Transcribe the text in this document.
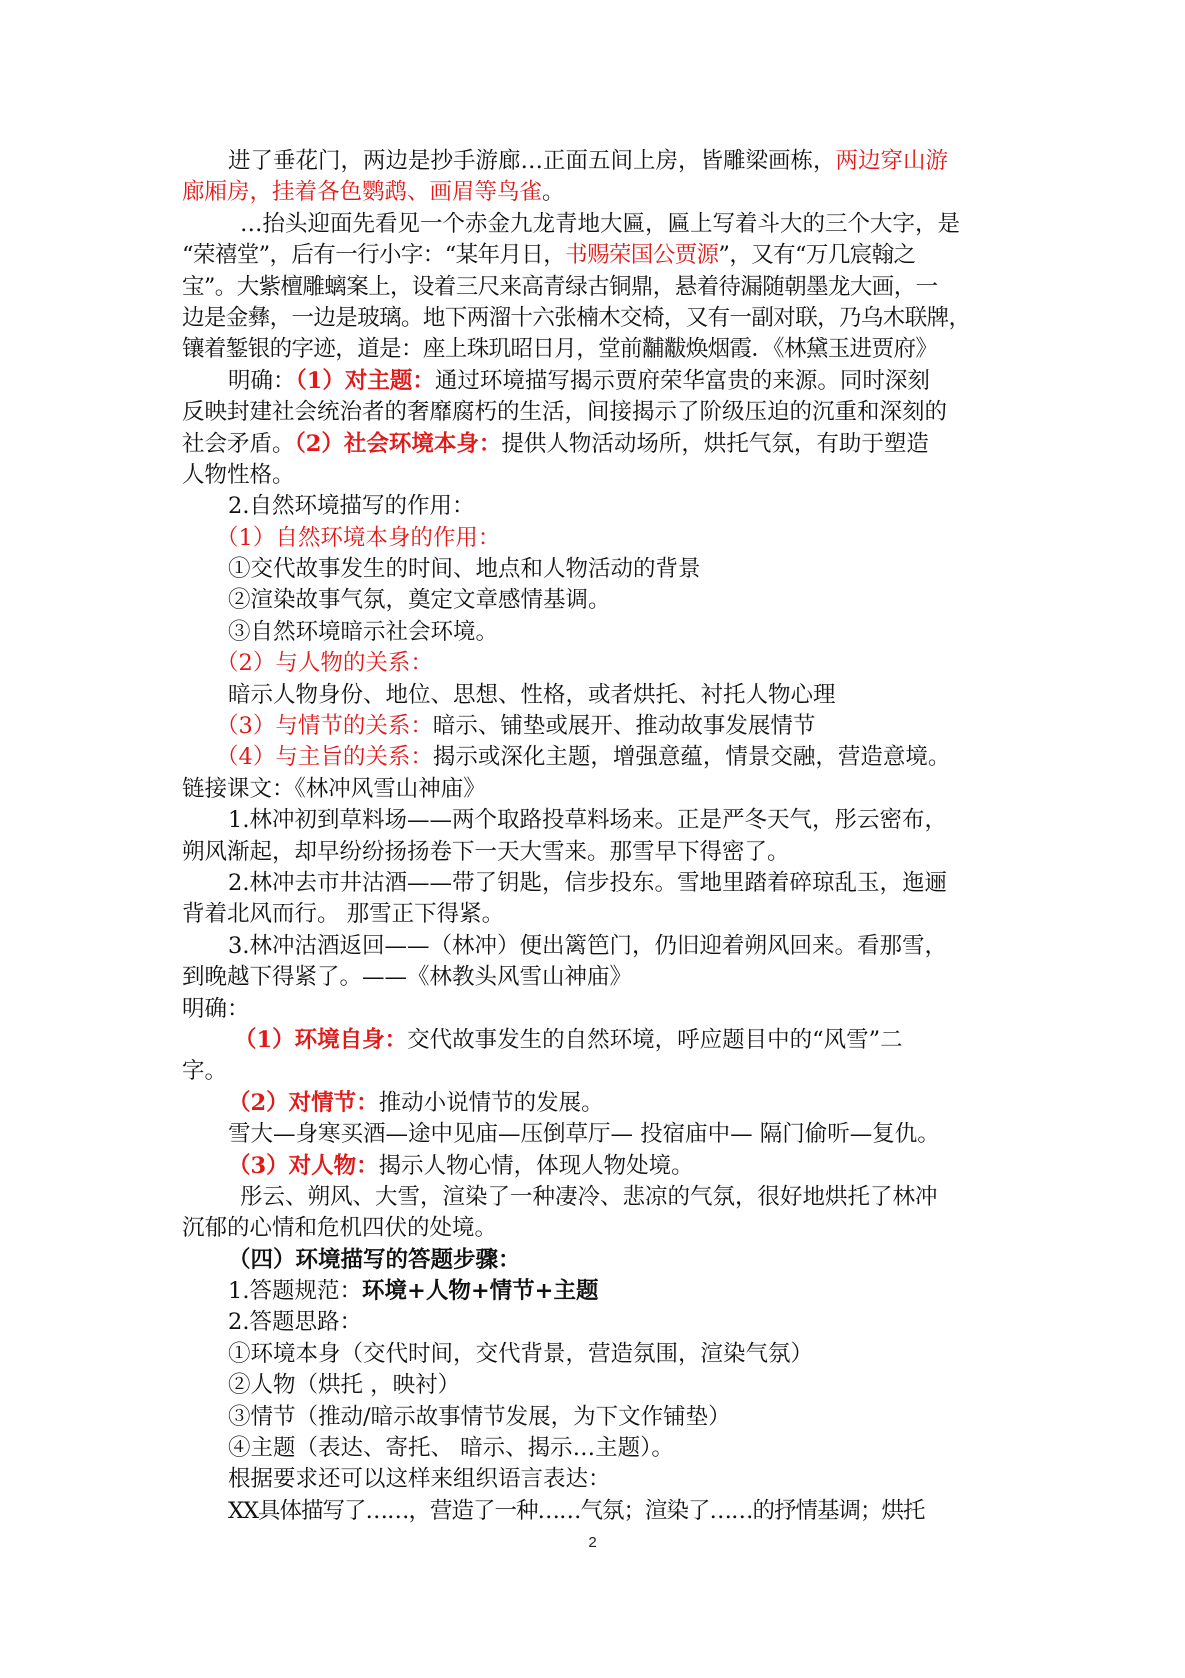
进了垂花门，两边是抄手游廊…正面五间上房，皆雕梁画栋，两边穿山游
廊厢房，挂着各色鹦鹉、画眉等鸟雀。
…抬头迎面先看见一个赤金九龙青地大匾，匾上写着斗大的三个大字，是
“荣禧堂”，后有一行小字：“某年月日，书赐荣国公贾源”，又有“万几宸翰之
宝”。大紫檀雕螭案上，设着三尺来高青绿古铜鼎，悬着待漏随朝墨龙大画，一
边是金彝，一边是玻璃。地下两溜十六张楠木交椅，又有一副对联，乃乌木联牌，
镶着錾银的字迹，道是：座上珠玑昭日月，堂前黼黻焕烟霞．《林黛玉进贾府》
明确：（1）对主题：通过环境描写揭示贾府荣华富贵的来源。同时深刻
反映封建社会统治者的奢靡腐朽的生活，间接揭示了阶级压迫的沉重和深刻的
社会矛盾。（2）社会环境本身：提供人物活动场所，烘托气氛，有助于塑造
人物性格。
2.自然环境描写的作用：
（1）自然环境本身的作用：
①交代故事发生的时间、地点和人物活动的背景
②渲染故事气氛，奠定文章感情基调。
③自然环境暗示社会环境。
（2）与人物的关系：
暗示人物身份、地位、思想、性格，或者烘托、衬托人物心理
（3）与情节的关系：暗示、铺垫或展开、推动故事发展情节
（4）与主旨的关系：揭示或深化主题，增强意蕴，情景交融，营造意境。
链接课文：《林冲风雪山神庙》
1.林冲初到草料场——两个取路投草料场来。正是严冬天气，彤云密布，
朔风渐起，却早纷纷扬扬卷下一天大雪来。那雪早下得密了。
2.林冲去市井沽酒——带了钥匙，信步投东。雪地里踏着碎琼乱玉，迤逦
背着北风而行。 那雪正下得紧。
3.林冲沽酒返回——（林冲）便出篱笆门，仍旧迎着朔风回来。看那雪，
到晚越下得紧了。——《林教头风雪山神庙》
明确：
（1）环境自身：交代故事发生的自然环境，呼应题目中的“风雪”二
字。
（2）对情节：推动小说情节的发展。
雪大—身寒买酒—途中见庙—压倒草厅— 投宿庙中— 隔门偷听—复仇。
（3）对人物：揭示人物心情，体现人物处境。
彤云、朔风、大雪，渲染了一种凄冷、悲凉的气氛，很好地烘托了林冲
沉郁的心情和危机四伏的处境。
（四）环境描写的答题步骤：
1.答题规范：环境+人物+情节+主题
2.答题思路：
①环境本身（交代时间，交代背景，营造氛围，渲染气氛）
②人物（烘托 ，映衬）
③情节（推动/暗示故事情节发展，为下文作铺垫）
④主题（表达、寄托、 暗示、揭示…主题）。
根据要求还可以这样来组织语言表达：
XX具体描写了……，营造了一种……气氛；渲染了……的抒情基调；烘托
2
